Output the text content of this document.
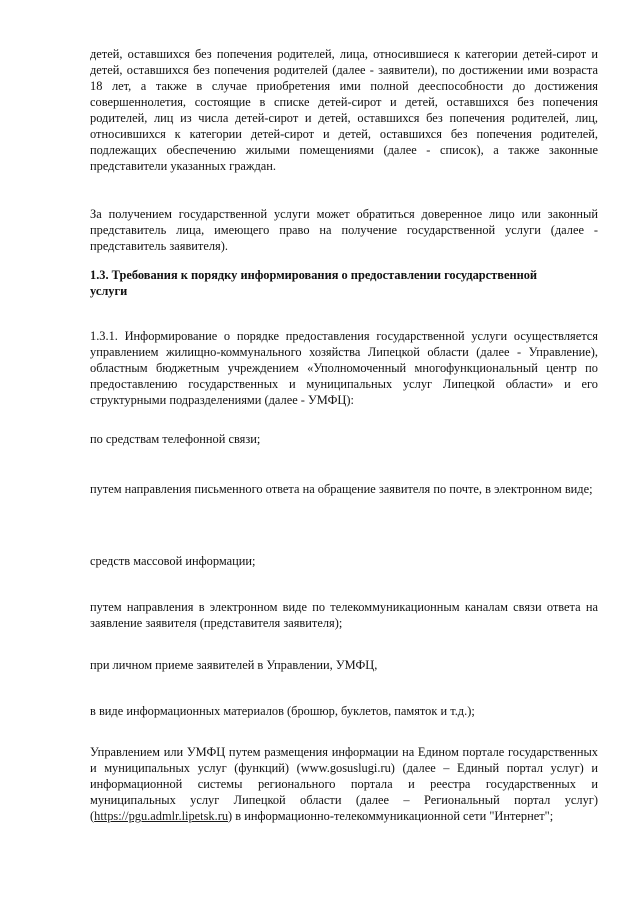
детей, оставшихся без попечения родителей, лица, относившиеся к категории детей-сирот и детей, оставшихся без попечения родителей (далее - заявители), по достижении ими возраста 18 лет, а также в случае приобретения ими полной дееспособности до достижения совершеннолетия, состоящие в списке детей-сирот и детей, оставшихся без попечения родителей, лиц из числа детей-сирот и детей, оставшихся без попечения родителей, лиц, относившихся к категории детей-сирот и детей, оставшихся без попечения родителей, подлежащих обеспечению жилыми помещениями (далее - список), а также законные представители указанных граждан.

За получением государственной услуги может обратиться доверенное лицо или законный представитель лица, имеющего право на получение государственной услуги (далее - представитель заявителя).

1.3. Требования к порядку информирования о предоставлении государственной услуги

1.3.1. Информирование о порядке предоставления государственной услуги осуществляется управлением жилищно-коммунального хозяйства Липецкой области (далее - Управление), областным бюджетным учреждением «Уполномоченный многофункциональный центр по предоставлению государственных и муниципальных услуг Липецкой области» и его структурными подразделениями (далее - УМФЦ):

по средствам телефонной связи;

путем направления письменного ответа на обращение заявителя по почте, в электронном виде;

средств массовой информации;

путем направления в электронном виде по телекоммуникационным каналам связи ответа на заявление заявителя (представителя заявителя);

при личном приеме заявителей в Управлении, УМФЦ,

в виде информационных материалов (брошюр, буклетов, памяток и т.д.);

Управлением или УМФЦ путем размещения информации на Едином портале государственных и муниципальных услуг (функций) (www.gosuslugi.ru) (далее – Единый портал услуг) и информационной системы регионального портала и реестра государственных и муниципальных услуг Липецкой области (далее – Региональный портал услуг) (https://pgu.admlr.lipetsk.ru) в информационно-телекоммуникационной сети "Интернет";
